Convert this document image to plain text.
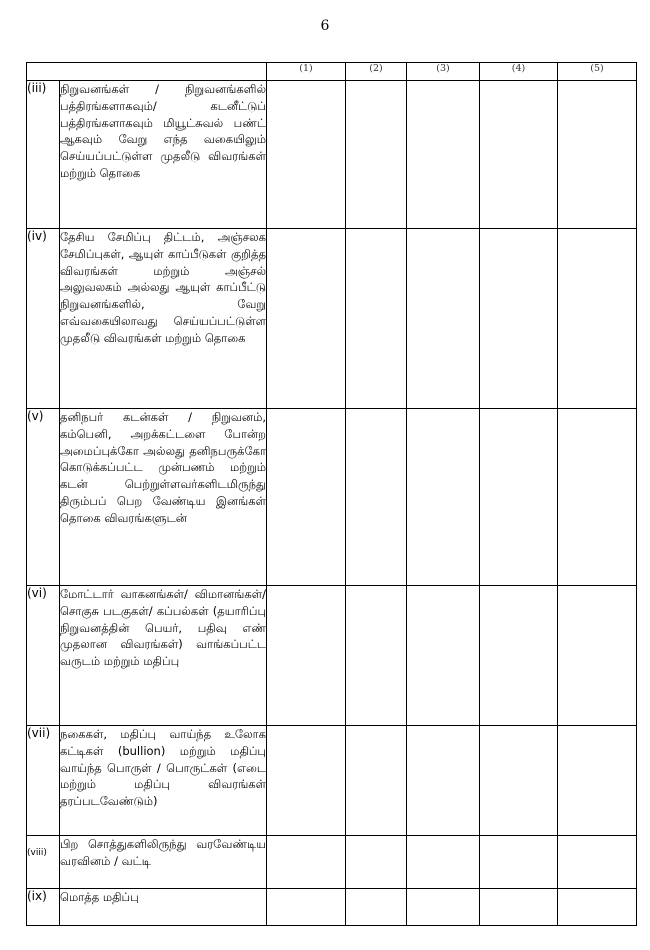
6
		(1)	(2)	(3)	(4)	(5)
(iii)	நிறுவனங்கள் / நிறுவனங்களில் பத்திரங்களாகவும்/ கடனீட்டுப் பத்திரங்களாகவும் மியூட்சுவல் பண்ட் ஆகவும் வேறு எந்த வகையிலும் செய்யப்பட்டுள்ள முதலீடு விவரங்கள் மற்றும் தொகை					
(iv)	தேசிய சேமிப்பு திட்டம், அஞ்சலக சேமிப்புகள், ஆயுள் காப்பீடுகள் குறித்த விவரங்கள் மற்றும் அஞ்சல் அலுவலகம் அல்லது ஆயுள் காப்பீட்டு நிறுவனங்களில், வேறு எவ்வகையிலாவது செய்யப்பட்டுள்ள முதலீடு விவரங்கள் மற்றும் தொகை					
(v)	தனிநபர் கடன்கள் / நிறுவனம், கம்பெனி, அறக்கட்டளை போன்ற அமைப்புக்கோ அல்லது தனிநபருக்கோ கொடுக்கப்பட்ட முன்பணம் மற்றும் கடன் பெற்றுள்ளவர்களிடமிருந்து திரும்பப் பெற வேண்டிய இனங்கள் தொகை விவரங்களுடன்					
(vi)	மோட்டார் வாகனங்கள்/ விமானங்கள்/சொகுசு படகுகள்/ கப்பல்கள் (தயாரிப்பு நிறுவனத்தின் பெயர், பதிவு எண் முதலான விவரங்கள்) வாங்கப்பட்ட வருடம் மற்றும் மதிப்பு					
(vii)	நகைகள், மதிப்பு வாய்ந்த உலோக கட்டிகள் (bullion) மற்றும் மதிப்பு வாய்ந்த பொருள் / பொருட்கள் (எடை மற்றும் மதிப்பு விவரங்கள் தரப்படவேண்டும்)					
(viii)	பிற சொத்துகளிலிருந்து வரவேண்டிய வரவினம் / வட்டி					
(ix)	மொத்த மதிப்பு					
